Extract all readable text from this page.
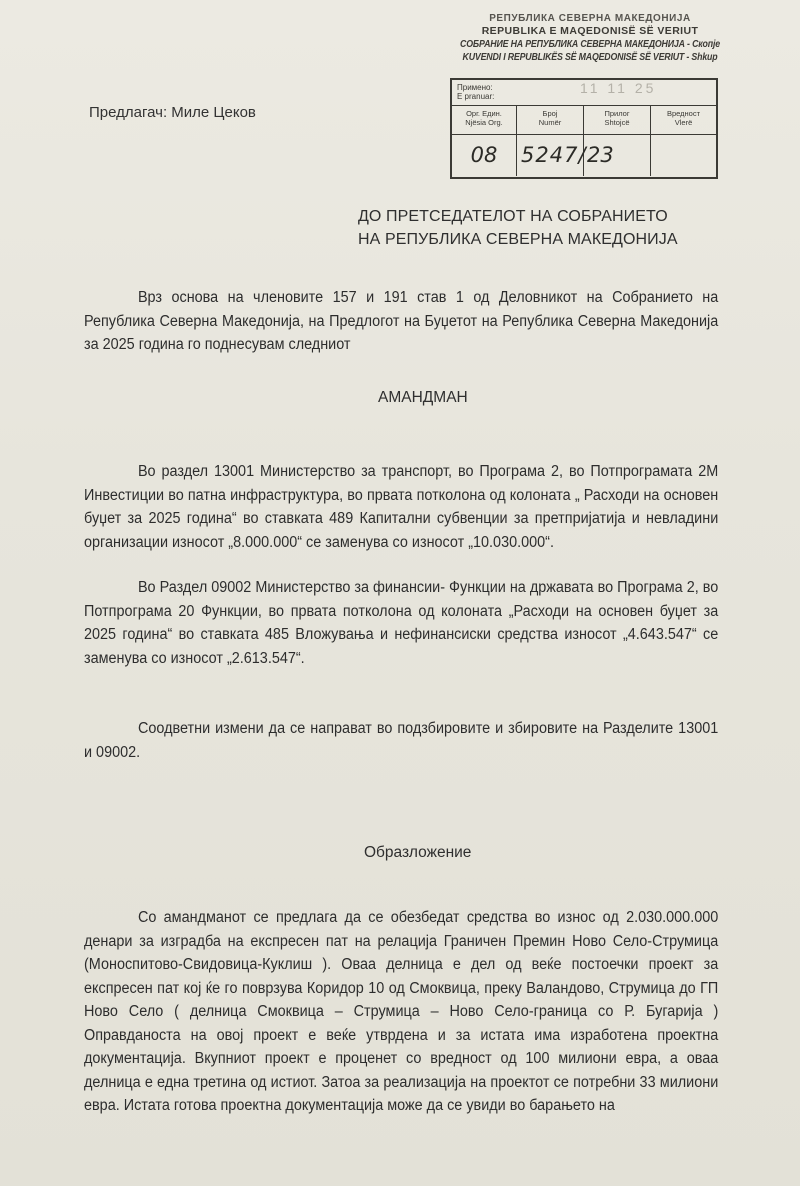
РЕПУБЛИКА СЕВЕРНА МАКЕДОНИЈА
REPUBLIKA E MAQEDONISË SË VERIUT
СОБРАНИЕ НА РЕПУБЛИКА СЕВЕРНА МАКЕДОНИЈА - Скопје
KUVENDI I REPUBLIKËS SË MAQEDONISË SË VERIUT - Shkup
Примено:
E pranuar:
11 11 25
Орг. Един.
Njësia Org.
Број
Numër
Прилог
Shtojcë
Вредност
Vlerë
08	5247/ 23
Предлагач: Миле Цеков
ДО ПРЕТСЕДАТЕЛОТ НА СОБРАНИЕТО
НА РЕПУБЛИКА СЕВЕРНА МАКЕДОНИЈА
Врз основа на членовите 157 и 191 став 1 од Деловникот на Собранието на Република Северна Македонија, на Предлогот на Буџетот на Република Северна Македонија за 2025 година го поднесувам следниот
АМАНДМАН
Во раздел 13001 Министерство за транспорт, во Програма 2, во Потпрограмата 2М Инвестиции во патна инфраструктура, во првата потколона од колоната „ Расходи на основен буџет за 2025 година“ во ставката 489 Капитални субвенции за претпријатија и невладини организации износот „8.000.000“ се заменува со износот „10.030.000“.
Во Раздел 09002 Министерство за финансии- Функции на државата во Програма 2, во Потпрограма 20 Функции, во првата потколона од колоната „Расходи на основен буџет за 2025 година“ во ставката 485 Вложувања и нефинансиски средства износот „4.643.547“ се заменува со износот „2.613.547“.
Соодветни измени да се направат во подзбировите и збировите на Разделите 13001 и 09002.
Образложение
Со амандманот се предлага да се обезбедат средства во износ од 2.030.000.000 денари за изградба на експресен пат на релација Граничен Премин Ново Село-Струмица (Моноспитово-Свидовица-Куклиш ). Оваа делница е дел од веќе постоечки проект за експресен пат кој ќе го поврзува Коридор 10 од Смоквица, преку Валандово, Струмица до ГП Ново Село ( делница Смоквица – Струмица – Ново Село-граница со Р. Бугарија ) Оправданоста на овој проект е веќе утврдена и за истата има изработена проектна документација. Вкупниот проект е проценет со вредност од 100 милиони евра, а оваа делница е една третина од истиот. Затоа за реализација на проектот се потребни 33 милиони евра. Истата готова проектна документација може да се увиди во барањето на
